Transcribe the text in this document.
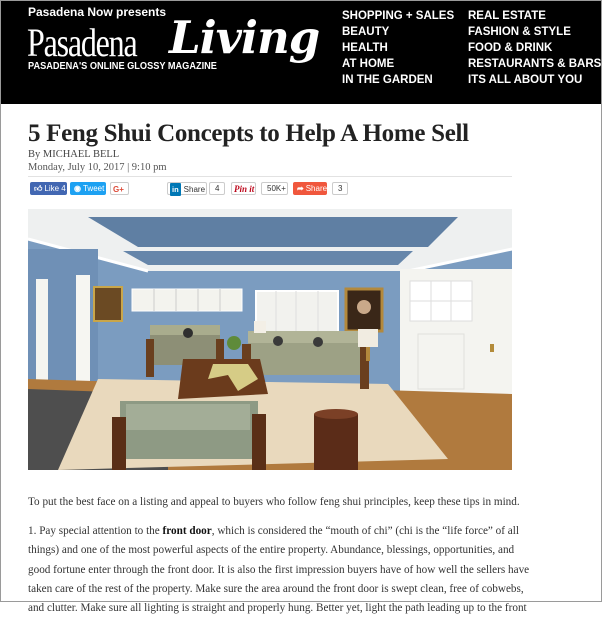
Pasadena Now presents
Pasadena Living
PASADENA'S ONLINE GLOSSY MAGAZINE
SHOPPING + SALES
BEAUTY
HEALTH
AT HOME
IN THE GARDEN
REAL ESTATE
FASHION & STYLE
FOOD & DRINK
RESTAURANTS & BARS
ITS ALL ABOUT YOU
5 Feng Shui Concepts to Help A Home Sell
By MICHAEL BELL
Monday, July 10, 2017 | 9:10 pm
👍︎ Like 4	◉ Tweet	G+	in Share	4	Pin it	50K+	➦ Share	3

To put the best face on a listing and appeal to buyers who follow feng shui principles, keep these tips in mind.

1. Pay special attention to the front door, which is considered the “mouth of chi” (chi is the “life force” of all
things) and one of the most powerful aspects of the entire property. Abundance, blessings, opportunities, and
good fortune enter through the front door. It is also the first impression buyers have of how well the sellers have
taken care of the rest of the property. Make sure the area around the front door is swept clean, free of cobwebs,
and clutter. Make sure all lighting is straight and properly hung. Better yet, light the path leading up to the front
